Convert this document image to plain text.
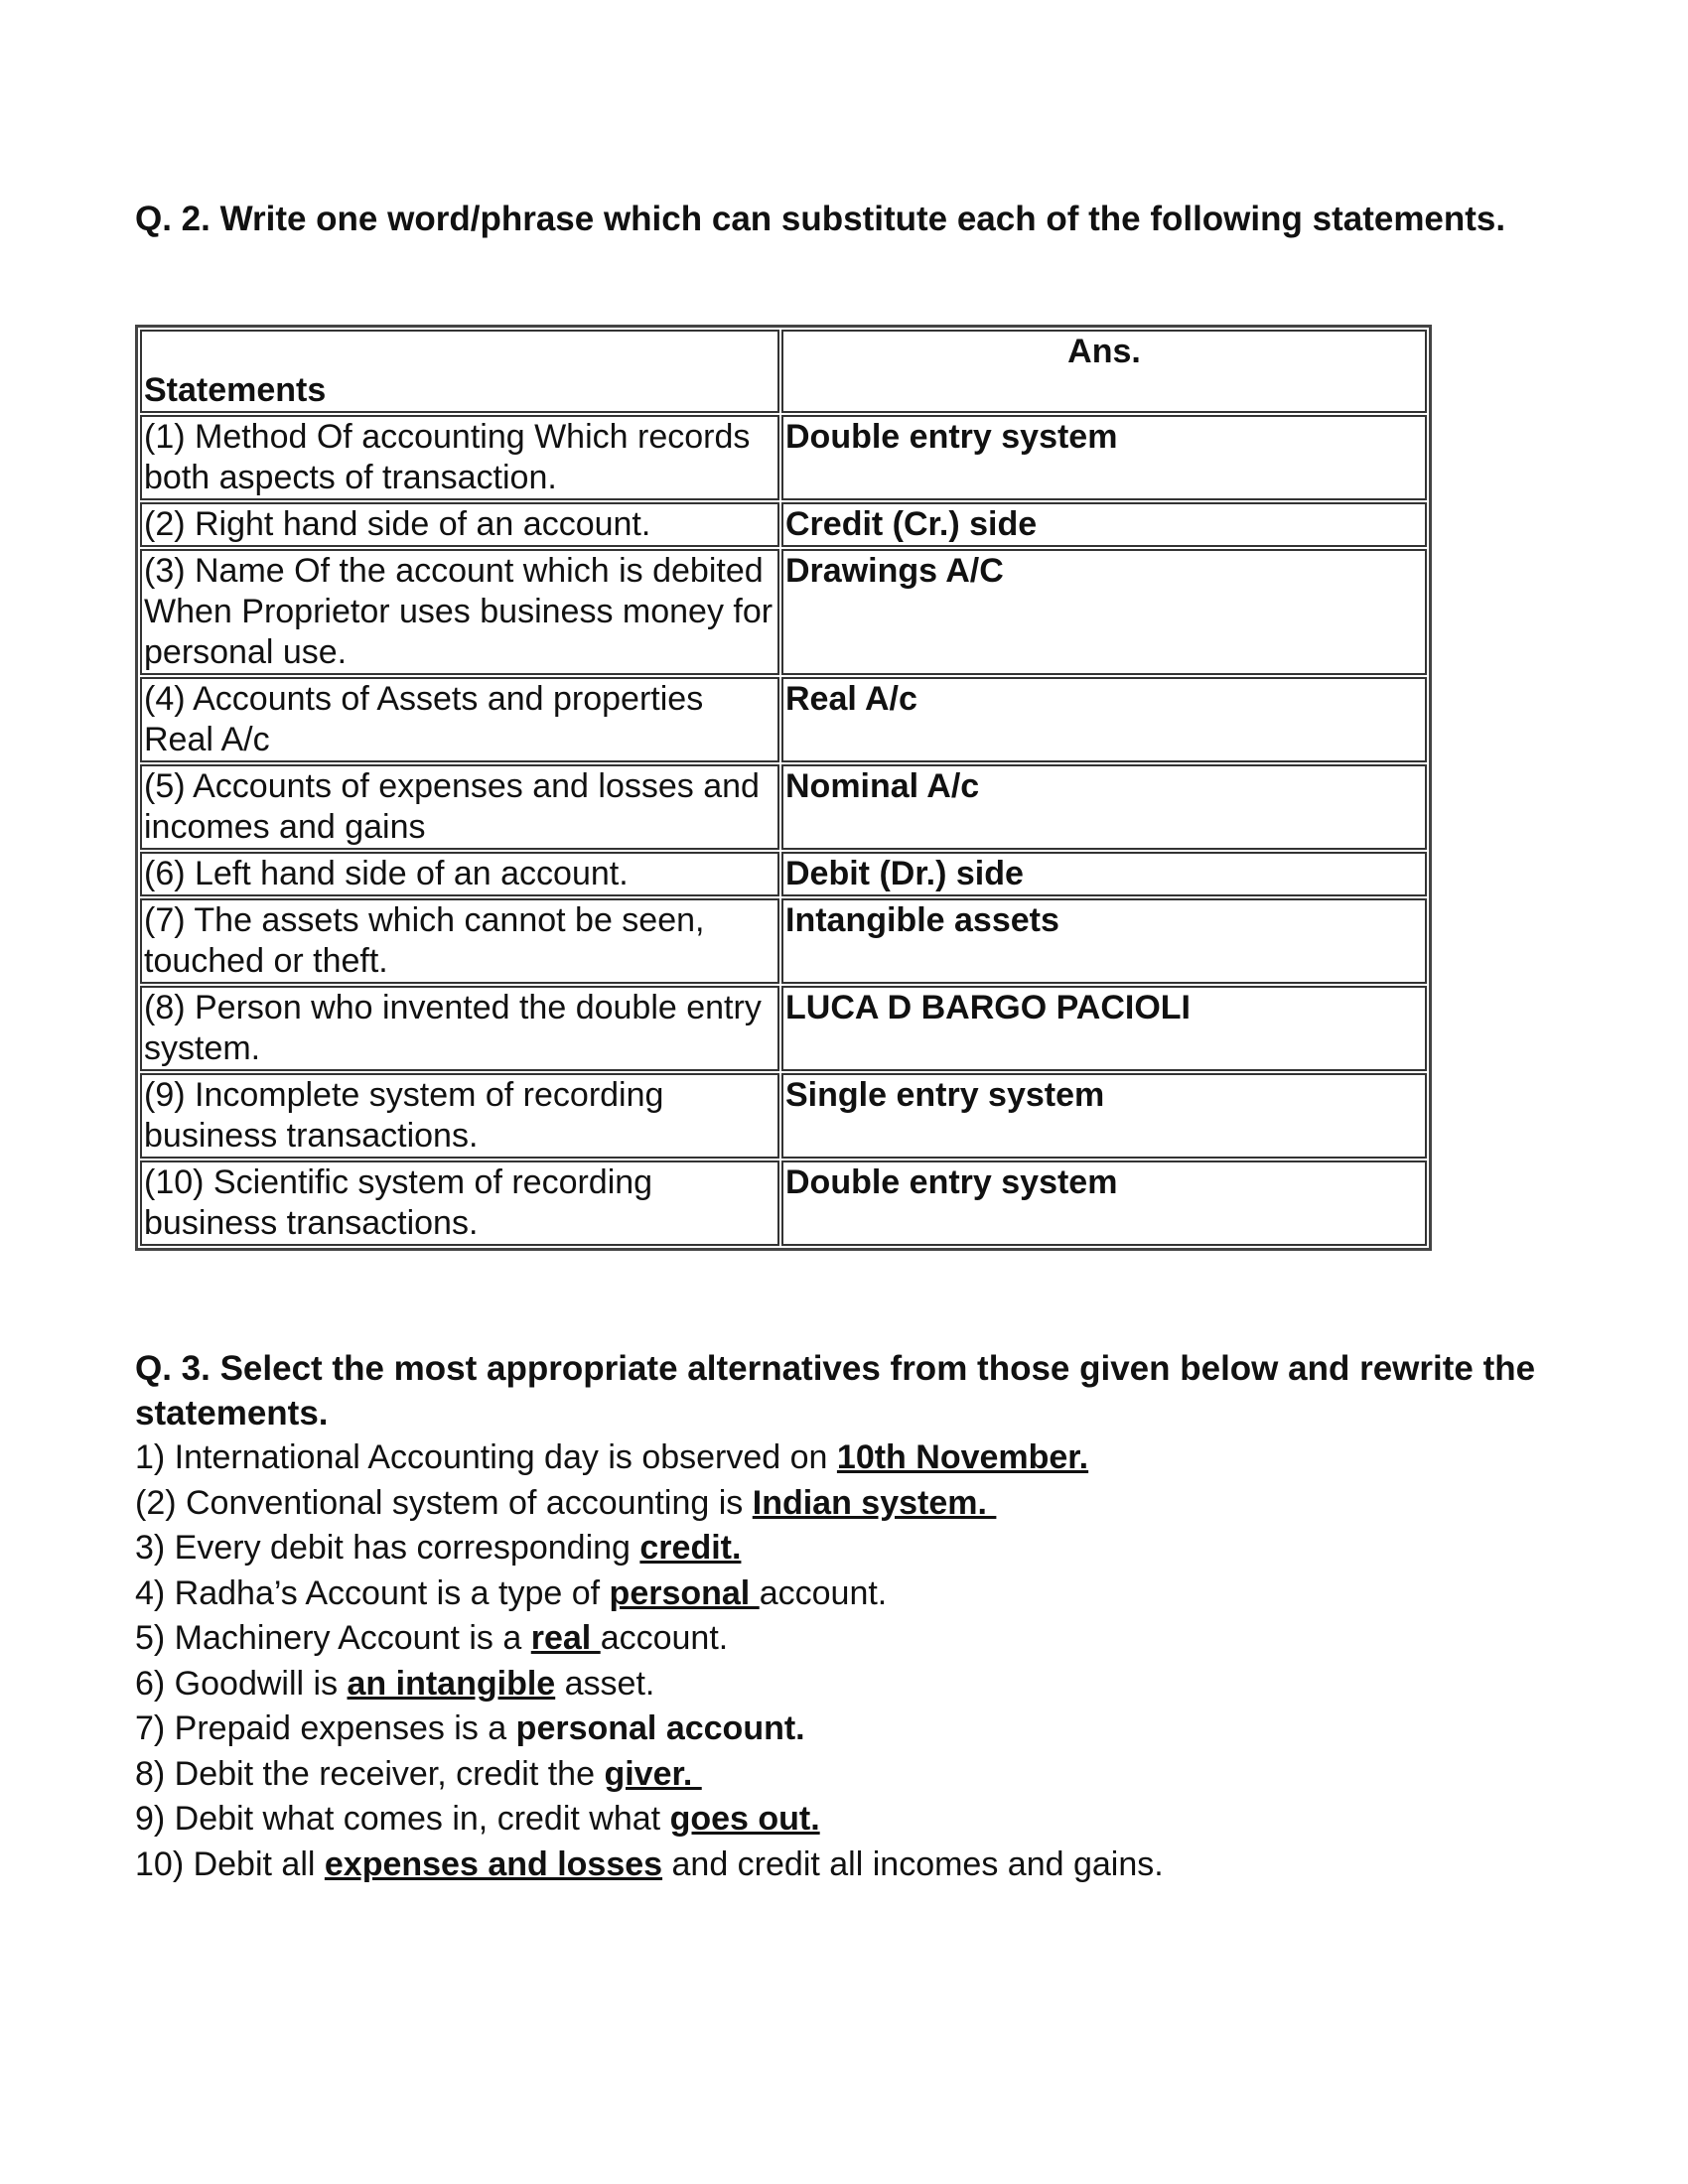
Q. 2. Write one word/phrase which can substitute each of the following statements.
Statements	Ans.
(1) Method Of accounting Which records both aspects of transaction.	Double entry system
(2) Right hand side of an account.	Credit (Cr.) side
(3) Name Of the account which is debited When Proprietor uses business money for personal use.	Drawings A/C
(4) Accounts of Assets and properties Real A/c	Real A/c
(5) Accounts of expenses and losses and incomes and gains	Nominal A/c
(6) Left hand side of an account.	Debit (Dr.) side
(7) The assets which cannot be seen, touched or theft.	Intangible assets
(8) Person who invented the double entry system.	LUCA D BARGO PACIOLI
(9) Incomplete system of recording business transactions.	Single entry system
(10) Scientific system of recording business transactions.	Double entry system
Q. 3. Select the most appropriate alternatives from those given below and rewrite the statements.
1) International Accounting day is observed on 10th November.
(2) Conventional system of accounting is Indian system.
3) Every debit has corresponding credit.
4) Radha’s Account is a type of personal account.
5) Machinery Account is a real account.
6) Goodwill is an intangible asset.
7) Prepaid expenses is a personal account.
8) Debit the receiver, credit the giver.
9) Debit what comes in, credit what goes out.
10) Debit all expenses and losses and credit all incomes and gains.
